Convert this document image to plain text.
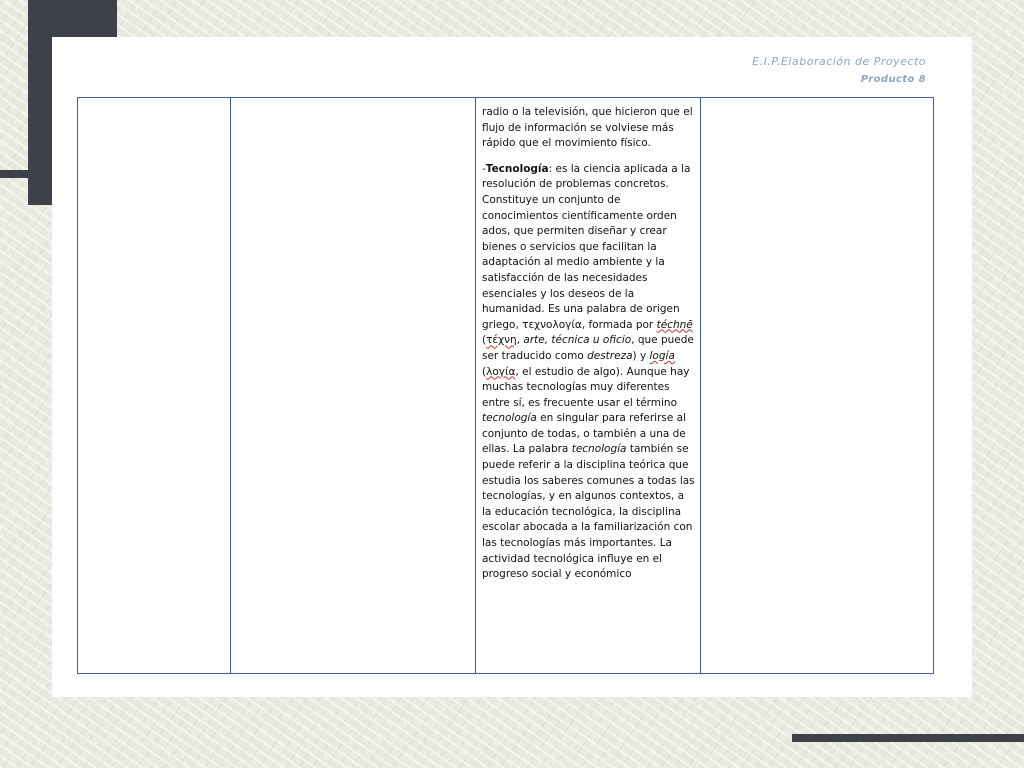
E.I.P.Elaboración de Proyecto
Producto 8

radio o la televisión, que hicieron que el flujo de información se volviese más rápido que el movimiento físico.

-Tecnología: es la ciencia aplicada a la resolución de problemas concretos. Constituye un conjunto de conocimientos científicamente orden ados, que permiten diseñar y crear bienes o servicios que facilitan la adaptación al medio ambiente y la satisfacción de las necesidades esenciales y los deseos de la humanidad. Es una palabra de origen griego, τεχνολογία, formada por téchnē (τέχνη, arte, técnica u oficio, que puede ser traducido como destreza) y logía (λογία, el estudio de algo). Aunque hay muchas tecnologías muy diferentes entre sí, es frecuente usar el término tecnología en singular para referirse al conjunto de todas, o también a una de ellas. La palabra tecnología también se puede referir a la disciplina teórica que estudia los saberes comunes a todas las tecnologías, y en algunos contextos, a la educación tecnológica, la disciplina escolar abocada a la familiarización con las tecnologías más importantes. La actividad tecnológica influye en el progreso social y económico
